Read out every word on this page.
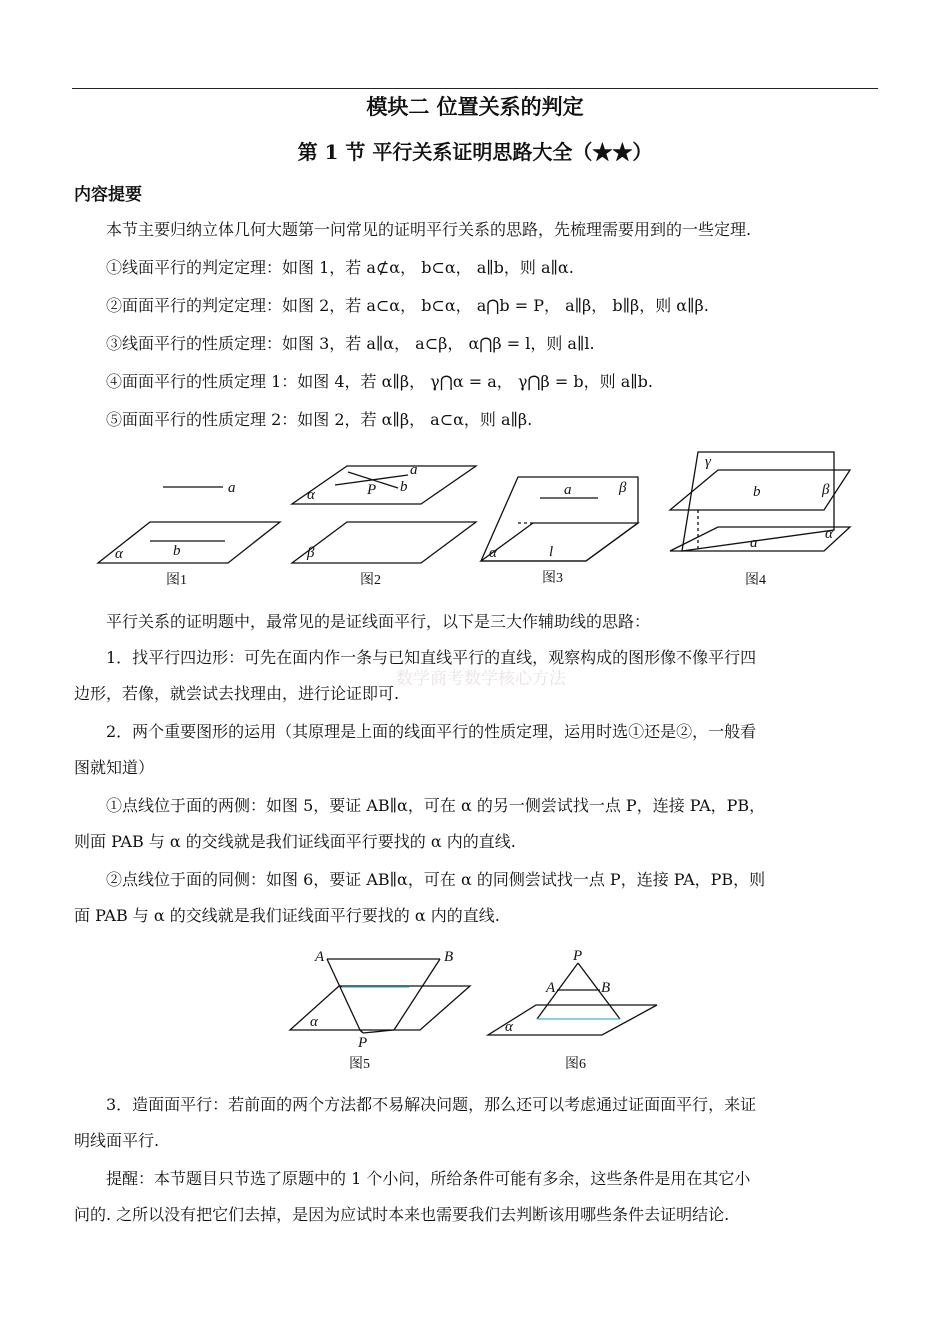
模块二 位置关系的判定
第 1 节 平行关系证明思路大全（★★）
内容提要
本节主要归纳立体几何大题第一问常见的证明平行关系的思路，先梳理需要用到的一些定理.
①线面平行的判定定理：如图 1，若 a⊄α， b⊂α， a∥b，则 a∥α.
②面面平行的判定定理：如图 2，若 a⊂α， b⊂α， a⋂b = P， a∥β， b∥β，则 α∥β.
③线面平行的性质定理：如图 3，若 a∥α， a⊂β， α⋂β = l，则 a∥l.
④面面平行的性质定理 1：如图 4，若 α∥β， γ⋂α = a， γ⋂β = b，则 a∥b.
⑤面面平行的性质定理 2：如图 2，若 α∥β， a⊂α，则 a∥β.
a
b
α
a
b
P
α
β
a	β
α	l
γ
b	β
a
α
图1	图2	图3	图4
数学商考数学核心方法
平行关系的证明题中，最常见的是证线面平行，以下是三大作辅助线的思路：
1．找平行四边形：可先在面内作一条与已知直线平行的直线，观察构成的图形像不像平行四
边形，若像，就尝试去找理由，进行论证即可.
2．两个重要图形的运用（其原理是上面的线面平行的性质定理，运用时选①还是②，一般看
图就知道）
①点线位于面的两侧：如图 5，要证 AB∥α，可在 α 的另一侧尝试找一点 P，连接 PA，PB，
则面 PAB 与 α 的交线就是我们证线面平行要找的 α 内的直线.
②点线位于面的同侧：如图 6，要证 AB∥α，可在 α 的同侧尝试找一点 P，连接 PA，PB，则
面 PAB 与 α 的交线就是我们证线面平行要找的 α 内的直线.
A	B
α
P
P
A	B
α
图5	图6
3．造面面平行：若前面的两个方法都不易解决问题，那么还可以考虑通过证面面平行，来证
明线面平行.
提醒：本节题目只节选了原题中的 1 个小问，所给条件可能有多余，这些条件是用在其它小
问的. 之所以没有把它们去掉，是因为应试时本来也需要我们去判断该用哪些条件去证明结论.
